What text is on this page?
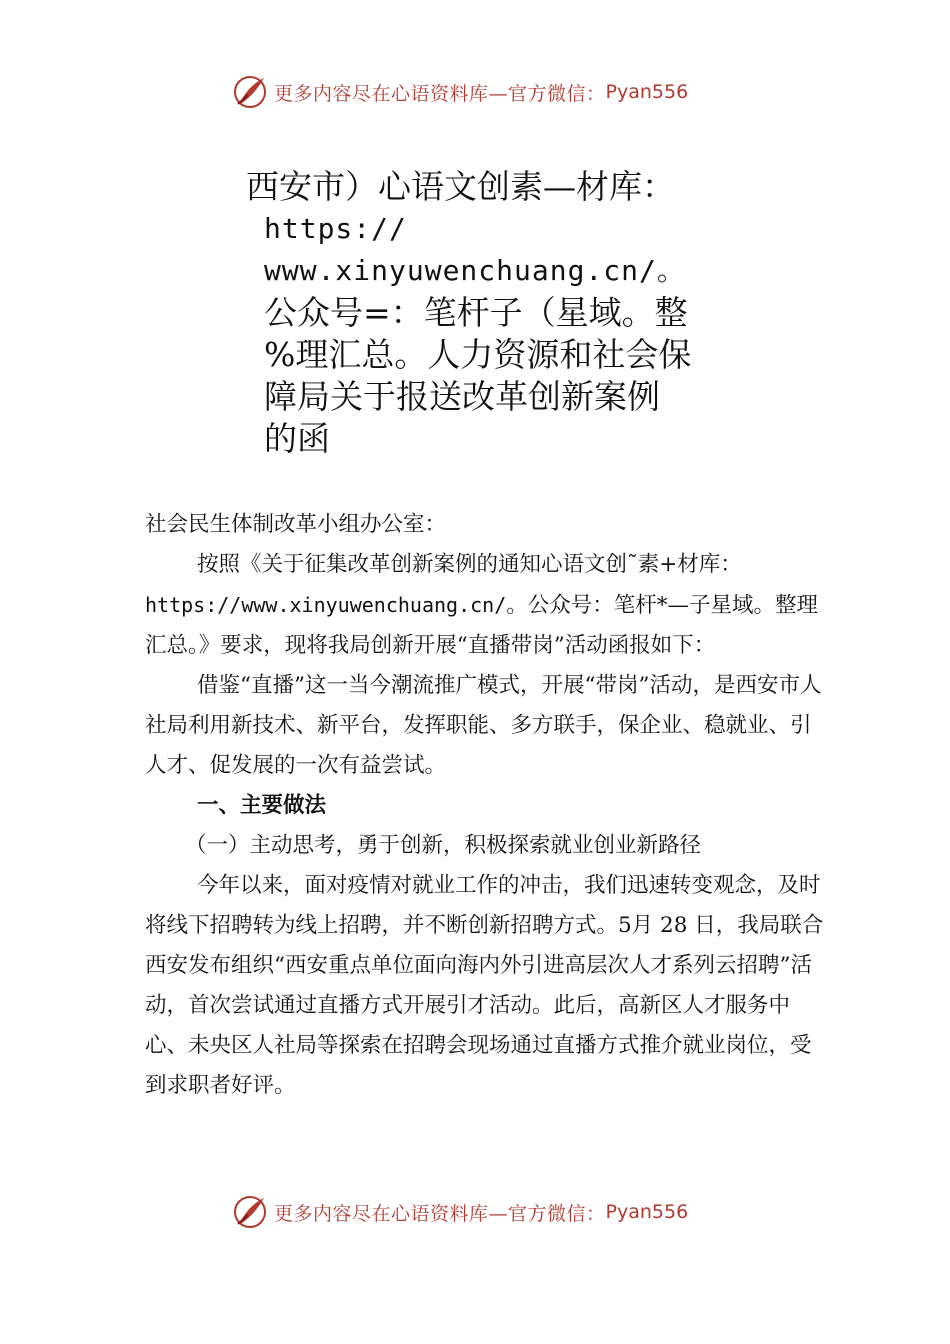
更多内容尽在心语资料库—官方微信： Pyan556
西安市）心语文创素—材库：
https://
www.xinyuwenchuang.cn/。
公众号=：笔杆子（星域。整
%理汇总。人力资源和社会保
障局关于报送改革创新案例
的函

社会民生体制改革小组办公室：

按照《关于征集改革创新案例的通知心语文创˜素+材库：https://www.xinyuwenchuang.cn/。公众号：笔杆*—子星域。整理汇总。》要求，现将我局创新开展“直播带岗”活动函报如下：

借鉴“直播”这一当今潮流推广模式，开展“带岗”活动，是西安市人社局利用新技术、新平台，发挥职能、多方联手，保企业、稳就业、引人才、促发展的一次有益尝试。

一、主要做法

（一）主动思考，勇于创新，积极探索就业创业新路径

今年以来，面对疫情对就业工作的冲击，我们迅速转变观念，及时将线下招聘转为线上招聘，并不断创新招聘方式。5月 28 日，我局联合西安发布组织“西安重点单位面向海内外引进高层次人才系列云招聘”活动，首次尝试通过直播方式开展引才活动。此后，高新区人才服务中心、未央区人社局等探索在招聘会现场通过直播方式推介就业岗位，受到求职者好评。

更多内容尽在心语资料库—官方微信： Pyan556
